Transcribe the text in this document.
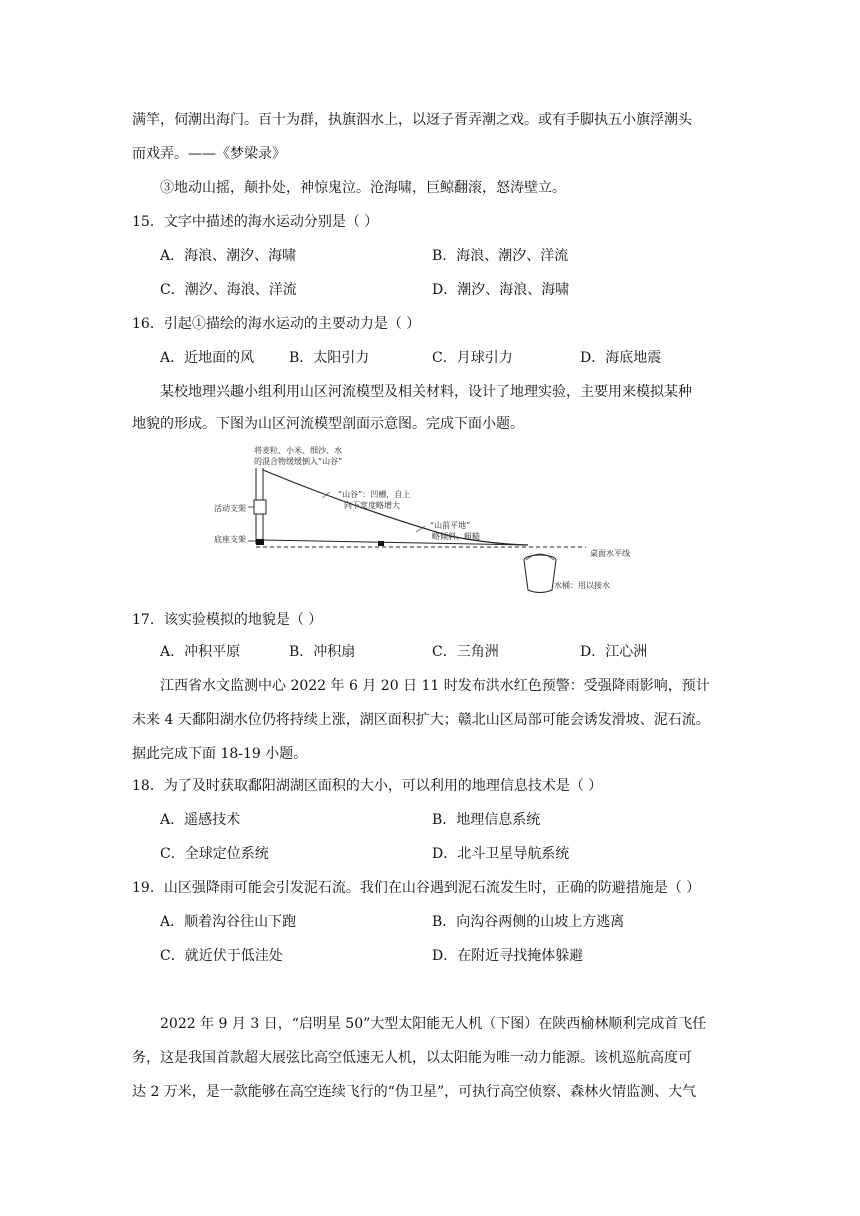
满竿，伺潮出海门。百十为群，执旗泅水上，以迓子胥弄潮之戏。或有手脚执五小旗浮潮头
而戏弄。——《梦梁录》
③地动山摇，颠扑处，神惊鬼泣。沧海啸，巨鲸翻滚，怒涛壁立。
15．文字中描述的海水运动分别是（ ）
A．海浪、潮汐、海啸	B．海浪、潮汐、洋流
C．潮汐、海浪、洋流	D．潮汐、海浪、海啸
16．引起①描绘的海水运动的主要动力是（ ）
A．近地面的风 B．太阳引力	C．月球引力	D．海底地震
某校地理兴趣小组利用山区河流模型及相关材料，设计了地理实验，主要用来模拟某种
地貌的形成。下图为山区河流模型剖面示意图。完成下面小题。
将麦粒、小米、细沙、水
的混合物缓缓倒入“山谷”
“山谷”：凹槽，自上
向下宽度略增大
“山前平地”
略倾斜、粗糙
活动支架
底座支架
桌面水平线
水桶：用以接水
17．该实验模拟的地貌是（ ）
A．冲积平原	B．冲积扇	C．三角洲	D．江心洲
江西省水文监测中心 2022 年 6 月 20 日 11 时发布洪水红色预警：受强降雨影响，预计
未来 4 天鄱阳湖水位仍将持续上涨，湖区面积扩大；赣北山区局部可能会诱发滑坡、泥石流。
据此完成下面 18-19 小题。
18．为了及时获取鄱阳湖湖区面积的大小，可以利用的地理信息技术是（ ）
A．遥感技术	B．地理信息系统
C．全球定位系统	D．北斗卫星导航系统
19．山区强降雨可能会引发泥石流。我们在山谷遇到泥石流发生时，正确的防避措施是（ ）
A．顺着沟谷往山下跑	B．向沟谷两侧的山坡上方逃离
C．就近伏于低洼处	D．在附近寻找掩体躲避
2022 年 9 月 3 日，“启明星 50”大型太阳能无人机（下图）在陕西榆林顺利完成首飞任
务，这是我国首款超大展弦比高空低速无人机，以太阳能为唯一动力能源。该机巡航高度可
达 2 万米，是一款能够在高空连续飞行的“伪卫星”，可执行高空侦察、森林火情监测、大气
